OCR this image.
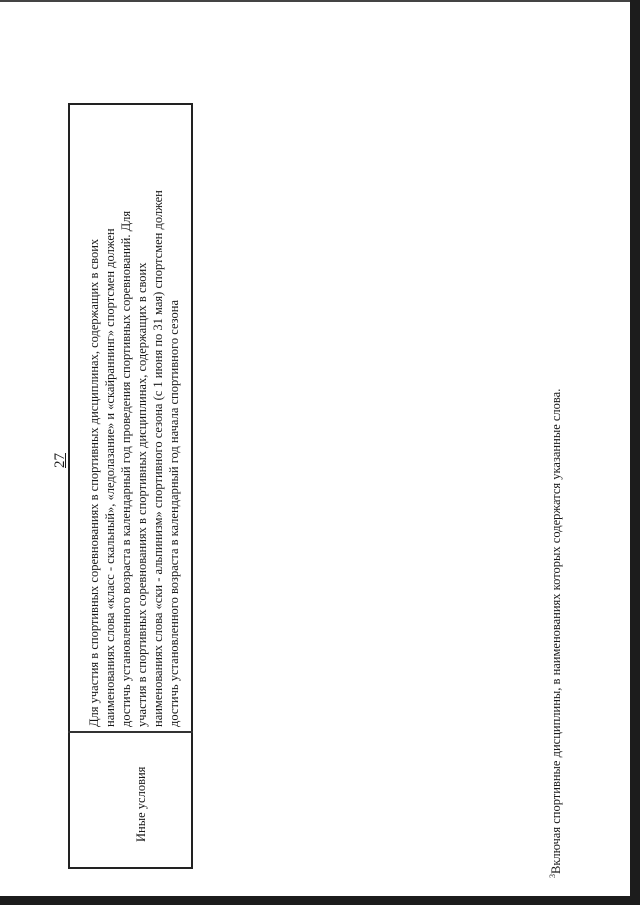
27
Иные условия
Для участия в спортивных соревнованиях в спортивных дисциплинах, содержащих в своих наименованиях слова «класс - скальный», «ледолазание» и «скайраннинг» спортсмен должен достичь установленного возраста в календарный год проведения спортивных соревнований. Для участия в спортивных соревнованиях в спортивных дисциплинах, содержащих в своих наименованиях слова «ски - альпинизм» спортивного сезона (с 1 июня по 31 мая) спортсмен должен достичь установленного возраста в календарный год начала спортивного сезона
$^3$Включая спортивные дисциплины, в наименованиях которых содержатся указанные слова.
